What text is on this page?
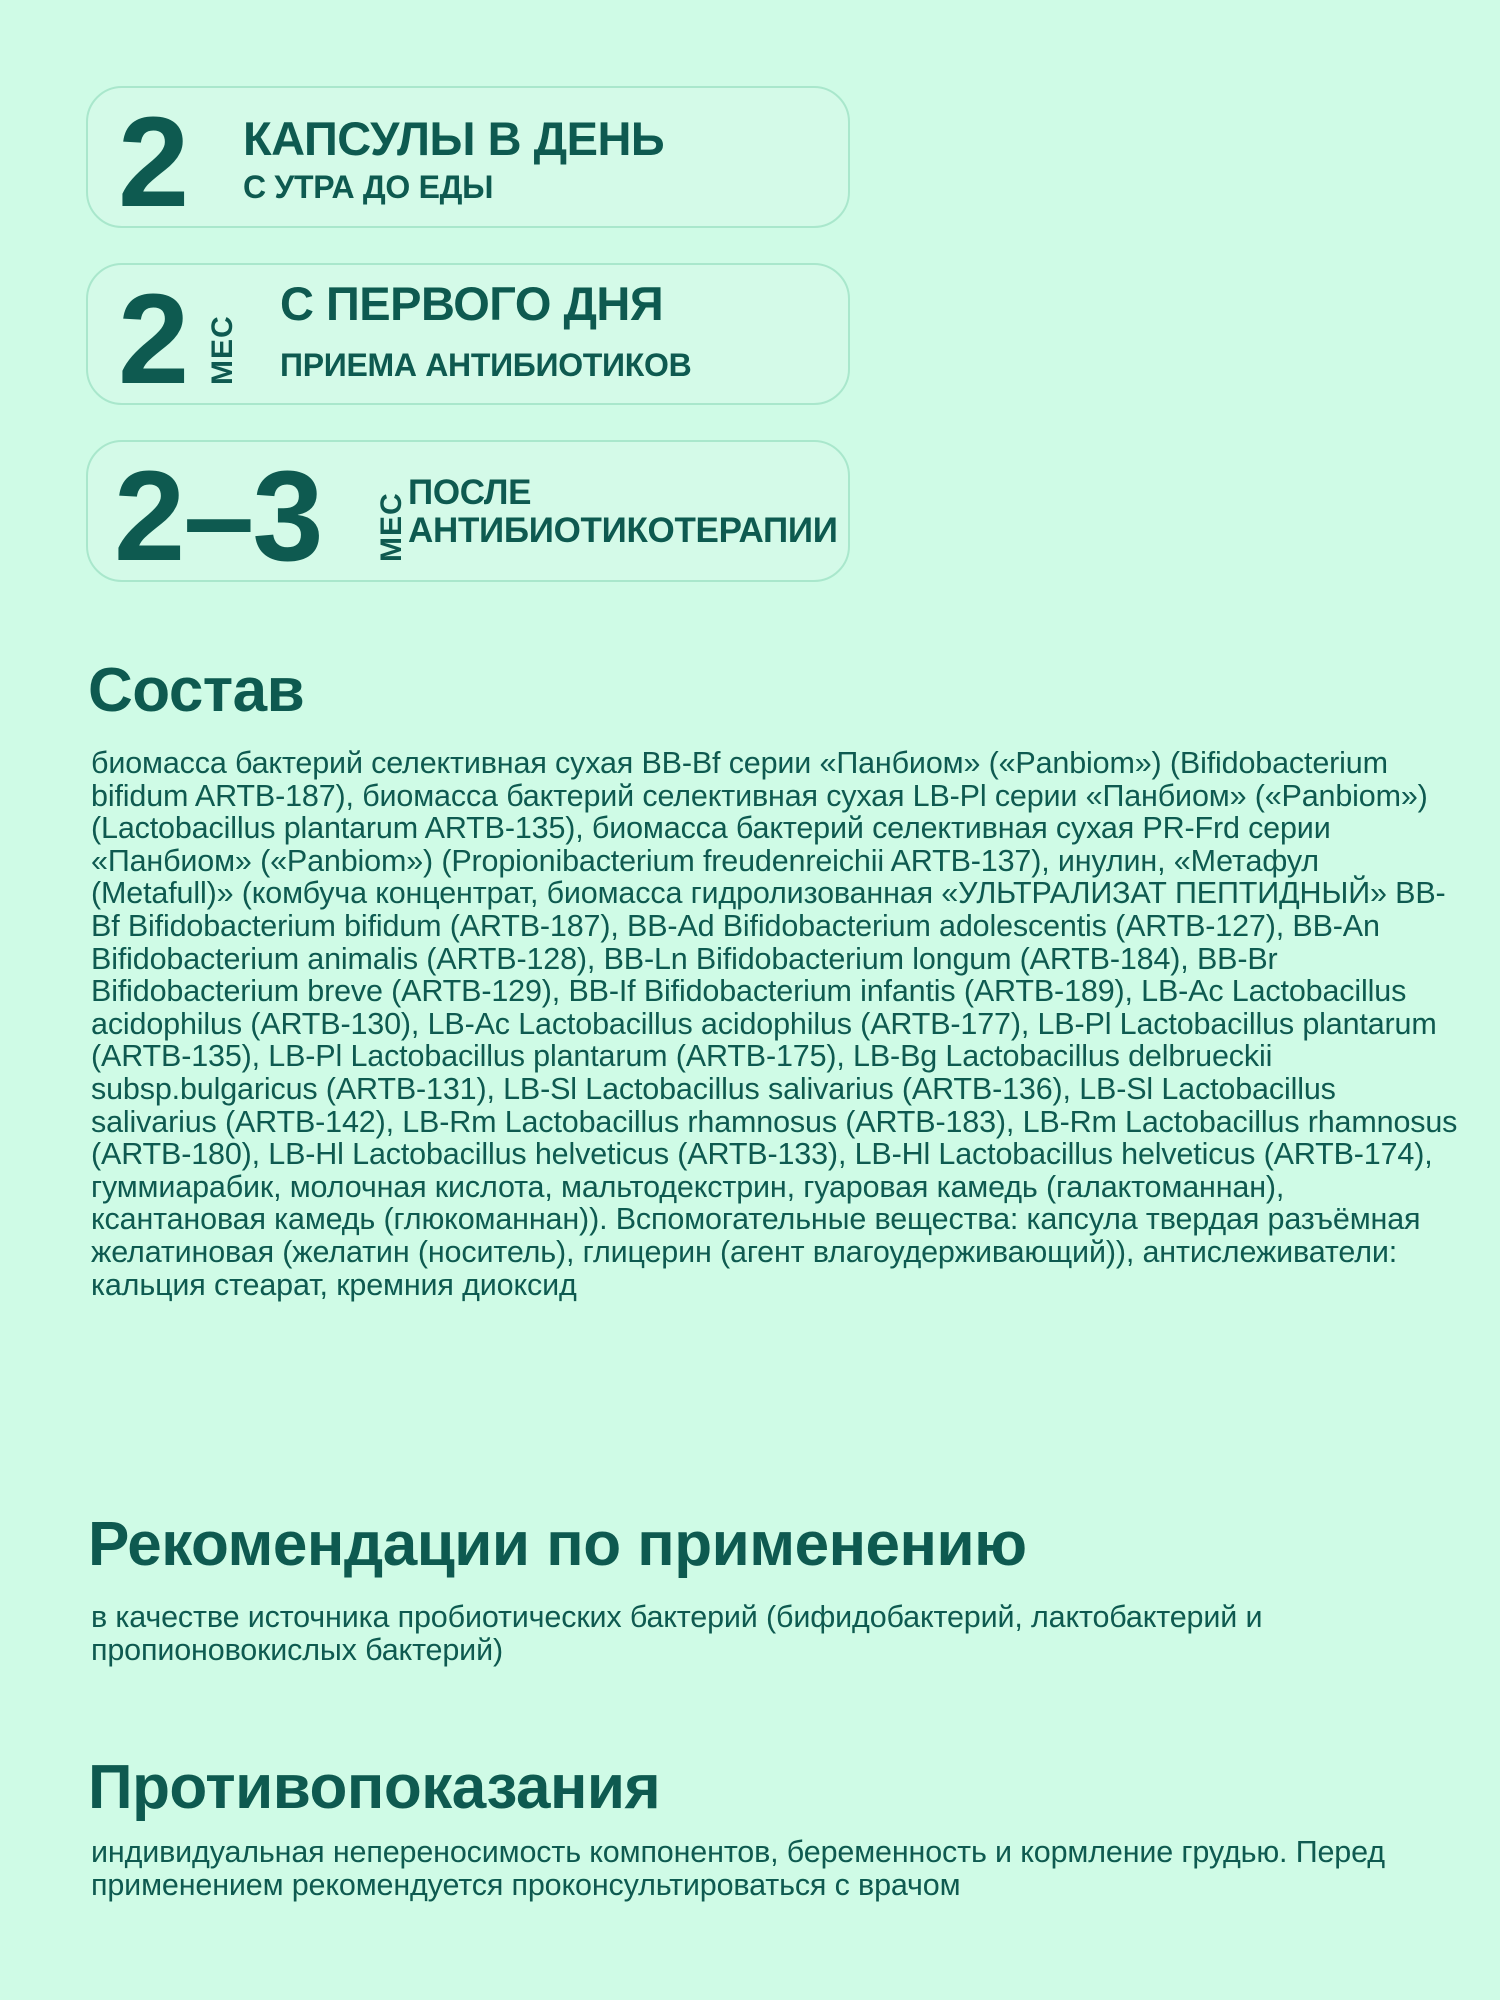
2 КАПСУЛЫ В ДЕНЬ
С УТРА ДО ЕДЫ
2 МЕС
С ПЕРВОГО ДНЯ
ПРИЕМА АНТИБИОТИКОВ
2–3 МЕС ПОСЛЕ
АНТИБИОТИКОТЕРАПИИ
Состав

биомасса бактерий селективная сухая BB-Bf серии «Панбиом» («Panbiom») (Bifidobacterium bifidum ARTB-187), биомасса бактерий селективная сухая LB-Pl серии «Панбиом» («Panbiom») (Lactobacillus plantarum ARTB-135), биомасса бактерий селективная сухая PR-Frd серии «Панбиом» («Panbiom») (Propionibacterium freudenreichii ARTB-137), инулин, «Метафул (Metafull)» (комбуча концентрат, биомасса гидролизованная «УЛЬТРАЛИЗАТ ПЕПТИДНЫЙ» BB-Bf Bifidobacterium bifidum (ARTB-187), BB-Ad Bifidobacterium adolescentis (ARTB-127), BB-An Bifidobacterium animalis (ARTB-128), BB-Ln Bifidobacterium longum (ARTB-184), BB-Br Bifidobacterium breve (ARTB-129), BB-If Bifidobacterium infantis (ARTB-189), LB-Ac Lactobacillus acidophilus (ARTB-130), LB-Ac Lactobacillus acidophilus (ARTB-177), LB-Pl Lactobacillus plantarum (ARTB-135), LB-Pl Lactobacillus plantarum (ARTB-175), LB-Bg Lactobacillus delbrueckii subsp.bulgaricus (ARTB-131), LB-Sl Lactobacillus salivarius (ARTB-136), LB-Sl Lactobacillus salivarius (ARTB-142), LB-Rm Lactobacillus rhamnosus (ARTB-183), LB-Rm Lactobacillus rhamnosus (ARTB-180), LB-Hl Lactobacillus helveticus (ARTB-133), LB-Hl Lactobacillus helveticus (ARTB-174), гуммиарабик, молочная кислота, мальтодекстрин, гуаровая камедь (галактоманнан), ксантановая камедь (глюкоманнан)). Вспомогательные вещества: капсула твердая разъёмная желатиновая (желатин (носитель), глицерин (агент влагоудерживающий)), антислеживатели: кальция стеарат, кремния диоксид

Рекомендации по применению

в качестве источника пробиотических бактерий (бифидобактерий, лактобактерий и пропионовокислых бактерий)

Противопоказания

индивидуальная непереносимость компонентов, беременность и кормление грудью. Перед применением рекомендуется проконсультироваться с врачом
